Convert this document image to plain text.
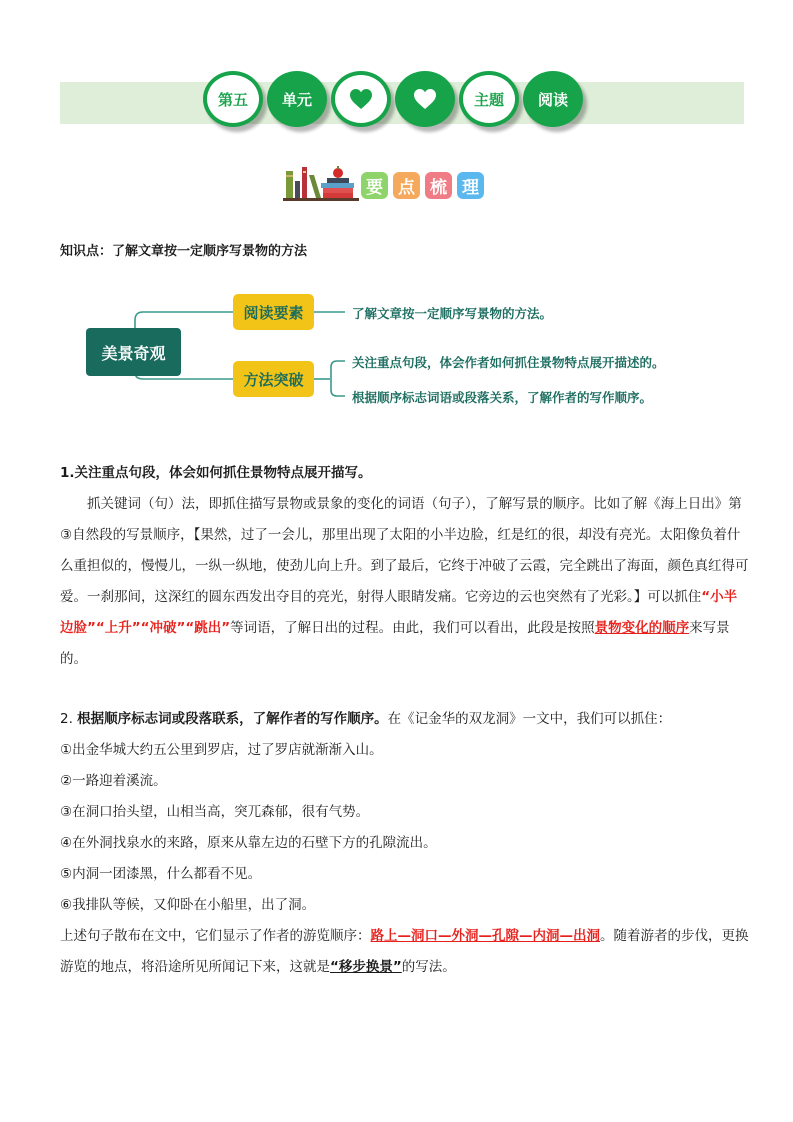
第五 单元	主题 阅读
要 点 梳 理
知识点：了解文章按一定顺序写景物的方法
美景奇观
阅读要素
方法突破
了解文章按一定顺序写景物的方法。
关注重点句段，体会作者如何抓住景物特点展开描述的。
根据顺序标志词语或段落关系，了解作者的写作顺序。
1.关注重点句段，体会如何抓住景物特点展开描写。
抓关键词（句）法，即抓住描写景物或景象的变化的词语（句子），了解写景的顺序。比如了解《海上日出》第③自然段的写景顺序，【果然，过了一会儿，那里出现了太阳的小半边脸，红是红的很，却没有亮光。太阳像负着什么重担似的，慢慢儿，一纵一纵地，使劲儿向上升。到了最后，它终于冲破了云霞，完全跳出了海面，颜色真红得可爱。一刹那间，这深红的圆东西发出夺目的亮光，射得人眼睛发痛。它旁边的云也突然有了光彩。】可以抓住“小半边脸”“上升”“冲破”“跳出”等词语，了解日出的过程。由此，我们可以看出，此段是按照景物变化的顺序来写景的。
2. 根据顺序标志词或段落联系，了解作者的写作顺序。在《记金华的双龙洞》一文中，我们可以抓住：
①出金华城大约五公里到罗店，过了罗店就渐渐入山。
②一路迎着溪流。
③在洞口抬头望，山相当高，突兀森郁，很有气势。
④在外洞找泉水的来路，原来从靠左边的石壁下方的孔隙流出。
⑤内洞一团漆黑，什么都看不见。
⑥我排队等候，又仰卧在小船里，出了洞。
上述句子散布在文中，它们显示了作者的游览顺序：路上—洞口—外洞—孔隙—内洞—出洞。随着游者的步伐，更换游览的地点，将沿途所见所闻记下来，这就是“移步换景”的写法。
